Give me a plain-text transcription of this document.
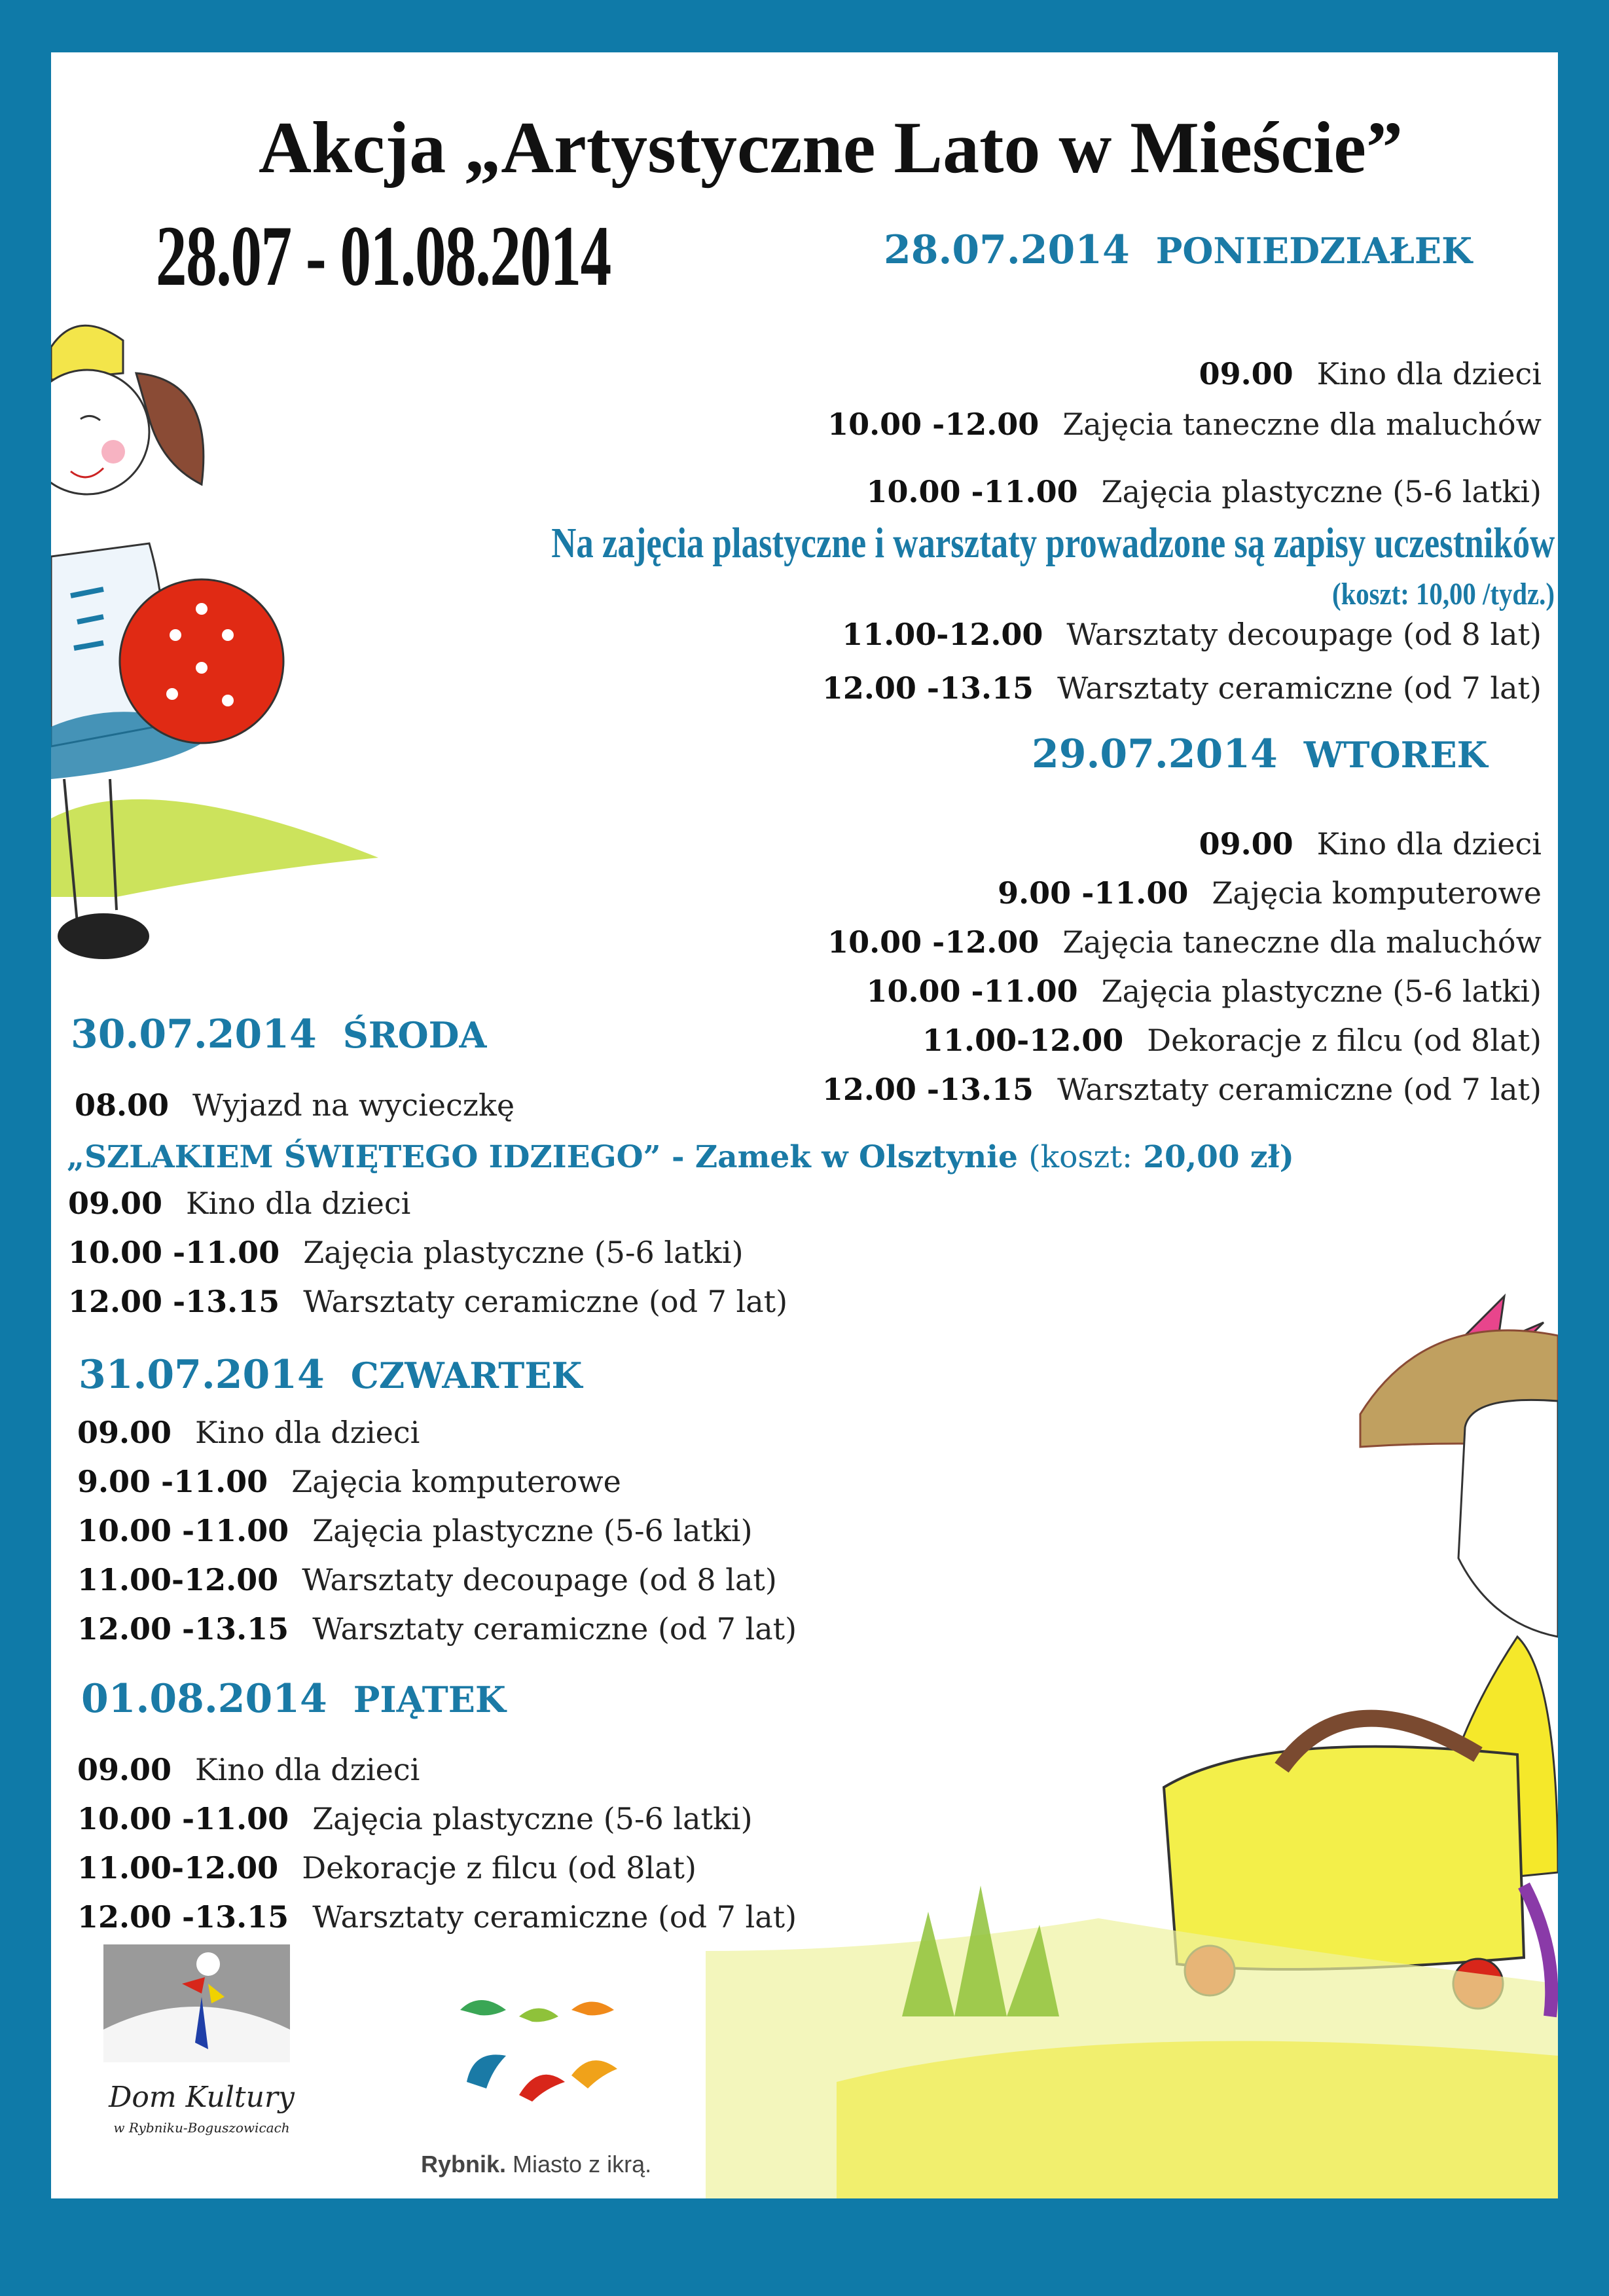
Akcja „Artystyczne Lato w Mieście”
28.07 - 01.08.2014	28.07.2014 PONIEDZIAŁEK
09.00 Kino dla dzieci
10.00 -12.00 Zajęcia taneczne dla maluchów
10.00 -11.00 Zajęcia plastyczne (5-6 latki)
Na zajęcia plastyczne i warsztaty prowadzone są zapisy uczestników
(koszt: 10,00 /tydz.)
11.00-12.00 Warsztaty decoupage (od 8 lat)
12.00 -13.15 Warsztaty ceramiczne (od 7 lat)
29.07.2014 WTOREK
09.00 Kino dla dzieci
9.00 -11.00 Zajęcia komputerowe
10.00 -12.00 Zajęcia taneczne dla maluchów
10.00 -11.00 Zajęcia plastyczne (5-6 latki)
11.00-12.00 Dekoracje z filcu (od 8lat)
12.00 -13.15 Warsztaty ceramiczne (od 7 lat)
30.07.2014 ŚRODA
08.00 Wyjazd na wycieczkę
„SZLAKIEM ŚWIĘTEGO IDZIEGO” - Zamek w Olsztynie (koszt: 20,00 zł)
09.00 Kino dla dzieci
10.00 -11.00 Zajęcia plastyczne (5-6 latki)
12.00 -13.15 Warsztaty ceramiczne (od 7 lat)
31.07.2014 CZWARTEK
09.00 Kino dla dzieci
9.00 -11.00 Zajęcia komputerowe
10.00 -11.00 Zajęcia plastyczne (5-6 latki)
11.00-12.00 Warsztaty decoupage (od 8 lat)
12.00 -13.15 Warsztaty ceramiczne (od 7 lat)
01.08.2014 PIĄTEK
09.00 Kino dla dzieci
10.00 -11.00 Zajęcia plastyczne (5-6 latki)
11.00-12.00 Dekoracje z filcu (od 8lat)
12.00 -13.15 Warsztaty ceramiczne (od 7 lat)
Dom Kultury
w Rybniku-Boguszowicach
Rybnik. Miasto z ikrą.
